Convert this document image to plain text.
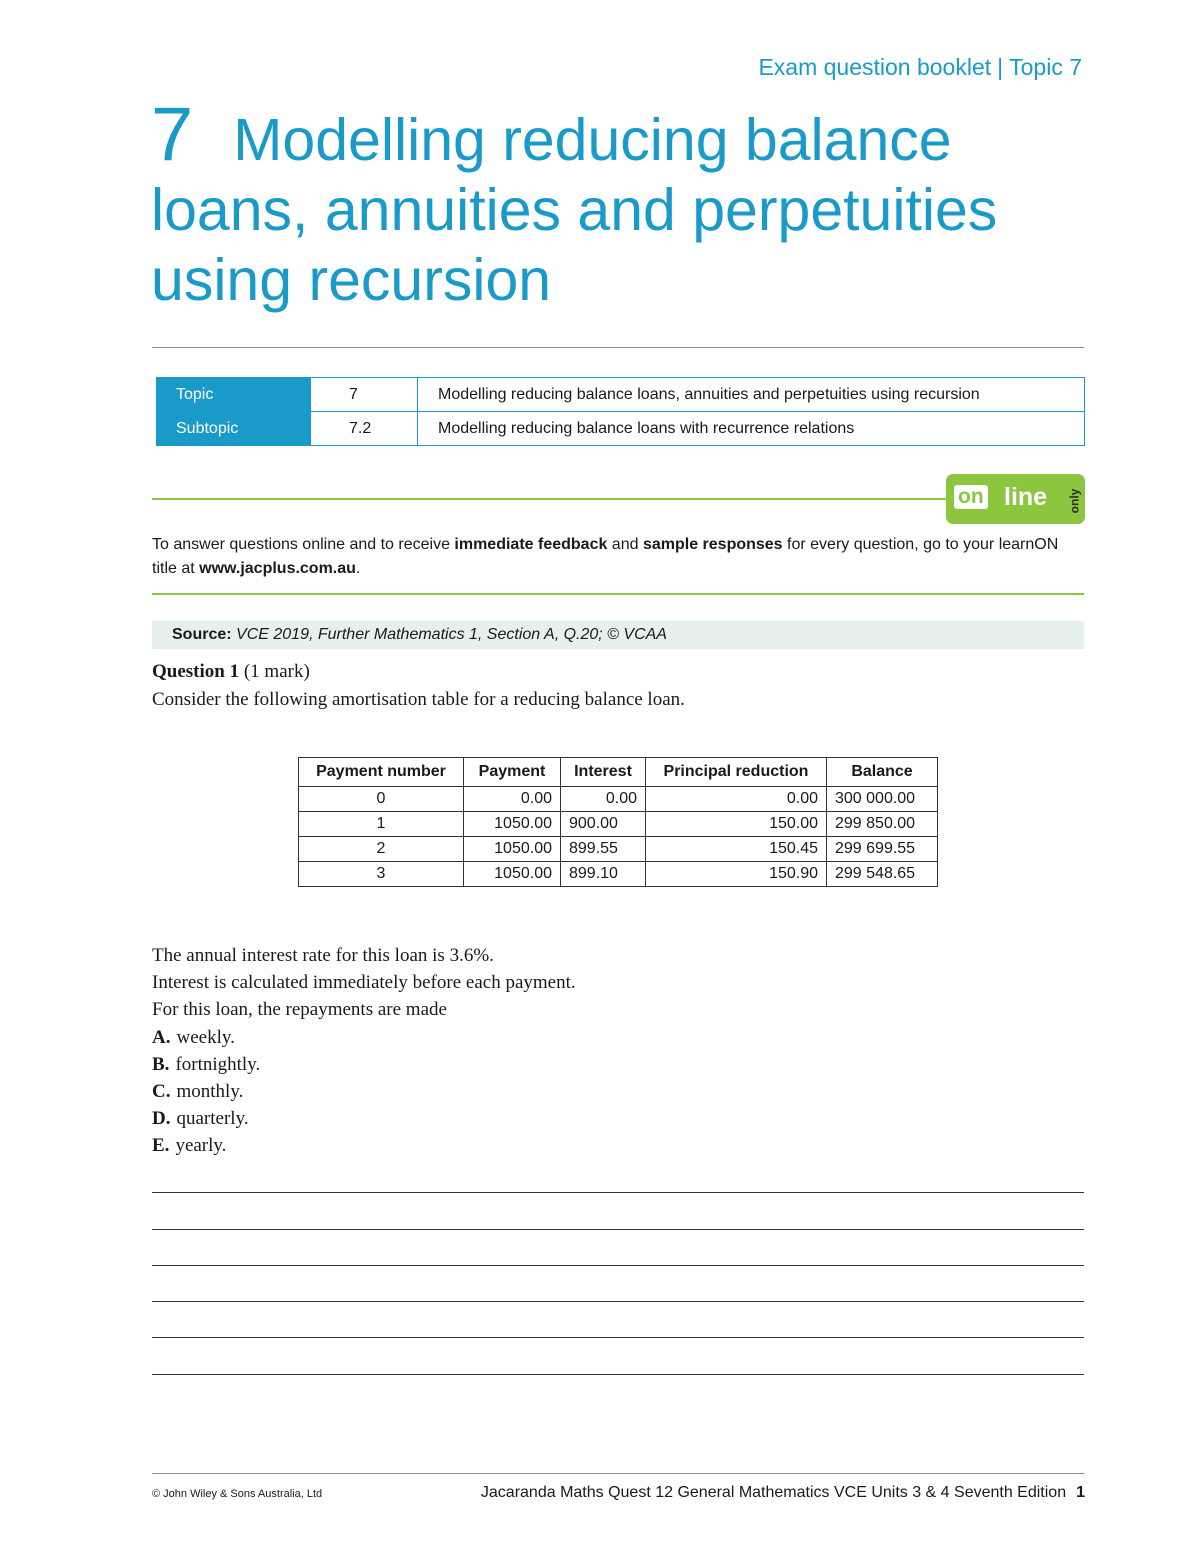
Exam question booklet | Topic 7
7 Modelling reducing balance loans, annuities and perpetuities using recursion
Topic	7	Modelling reducing balance loans, annuities and perpetuities using recursion
Subtopic	7.2	Modelling reducing balance loans with recurrence relations
on line only
To answer questions online and to receive immediate feedback and sample responses for every question, go to your learnON title at www.jacplus.com.au.
Source: VCE 2019, Further Mathematics 1, Section A, Q.20; © VCAA
Question 1 (1 mark)
Consider the following amortisation table for a reducing balance loan.
Payment number	Payment	Interest	Principal reduction	Balance
0	0.00	0.00	0.00	300 000.00
1	1050.00	900.00	150.00	299 850.00
2	1050.00	899.55	150.45	299 699.55
3	1050.00	899.10	150.90	299 548.65
The annual interest rate for this loan is 3.6%.
Interest is calculated immediately before each payment.
For this loan, the repayments are made
A. weekly.
B. fortnightly.
C. monthly.
D. quarterly.
E. yearly.
© John Wiley & Sons Australia, Ltd	Jacaranda Maths Quest 12 General Mathematics VCE Units 3 & 4 Seventh Edition 1
